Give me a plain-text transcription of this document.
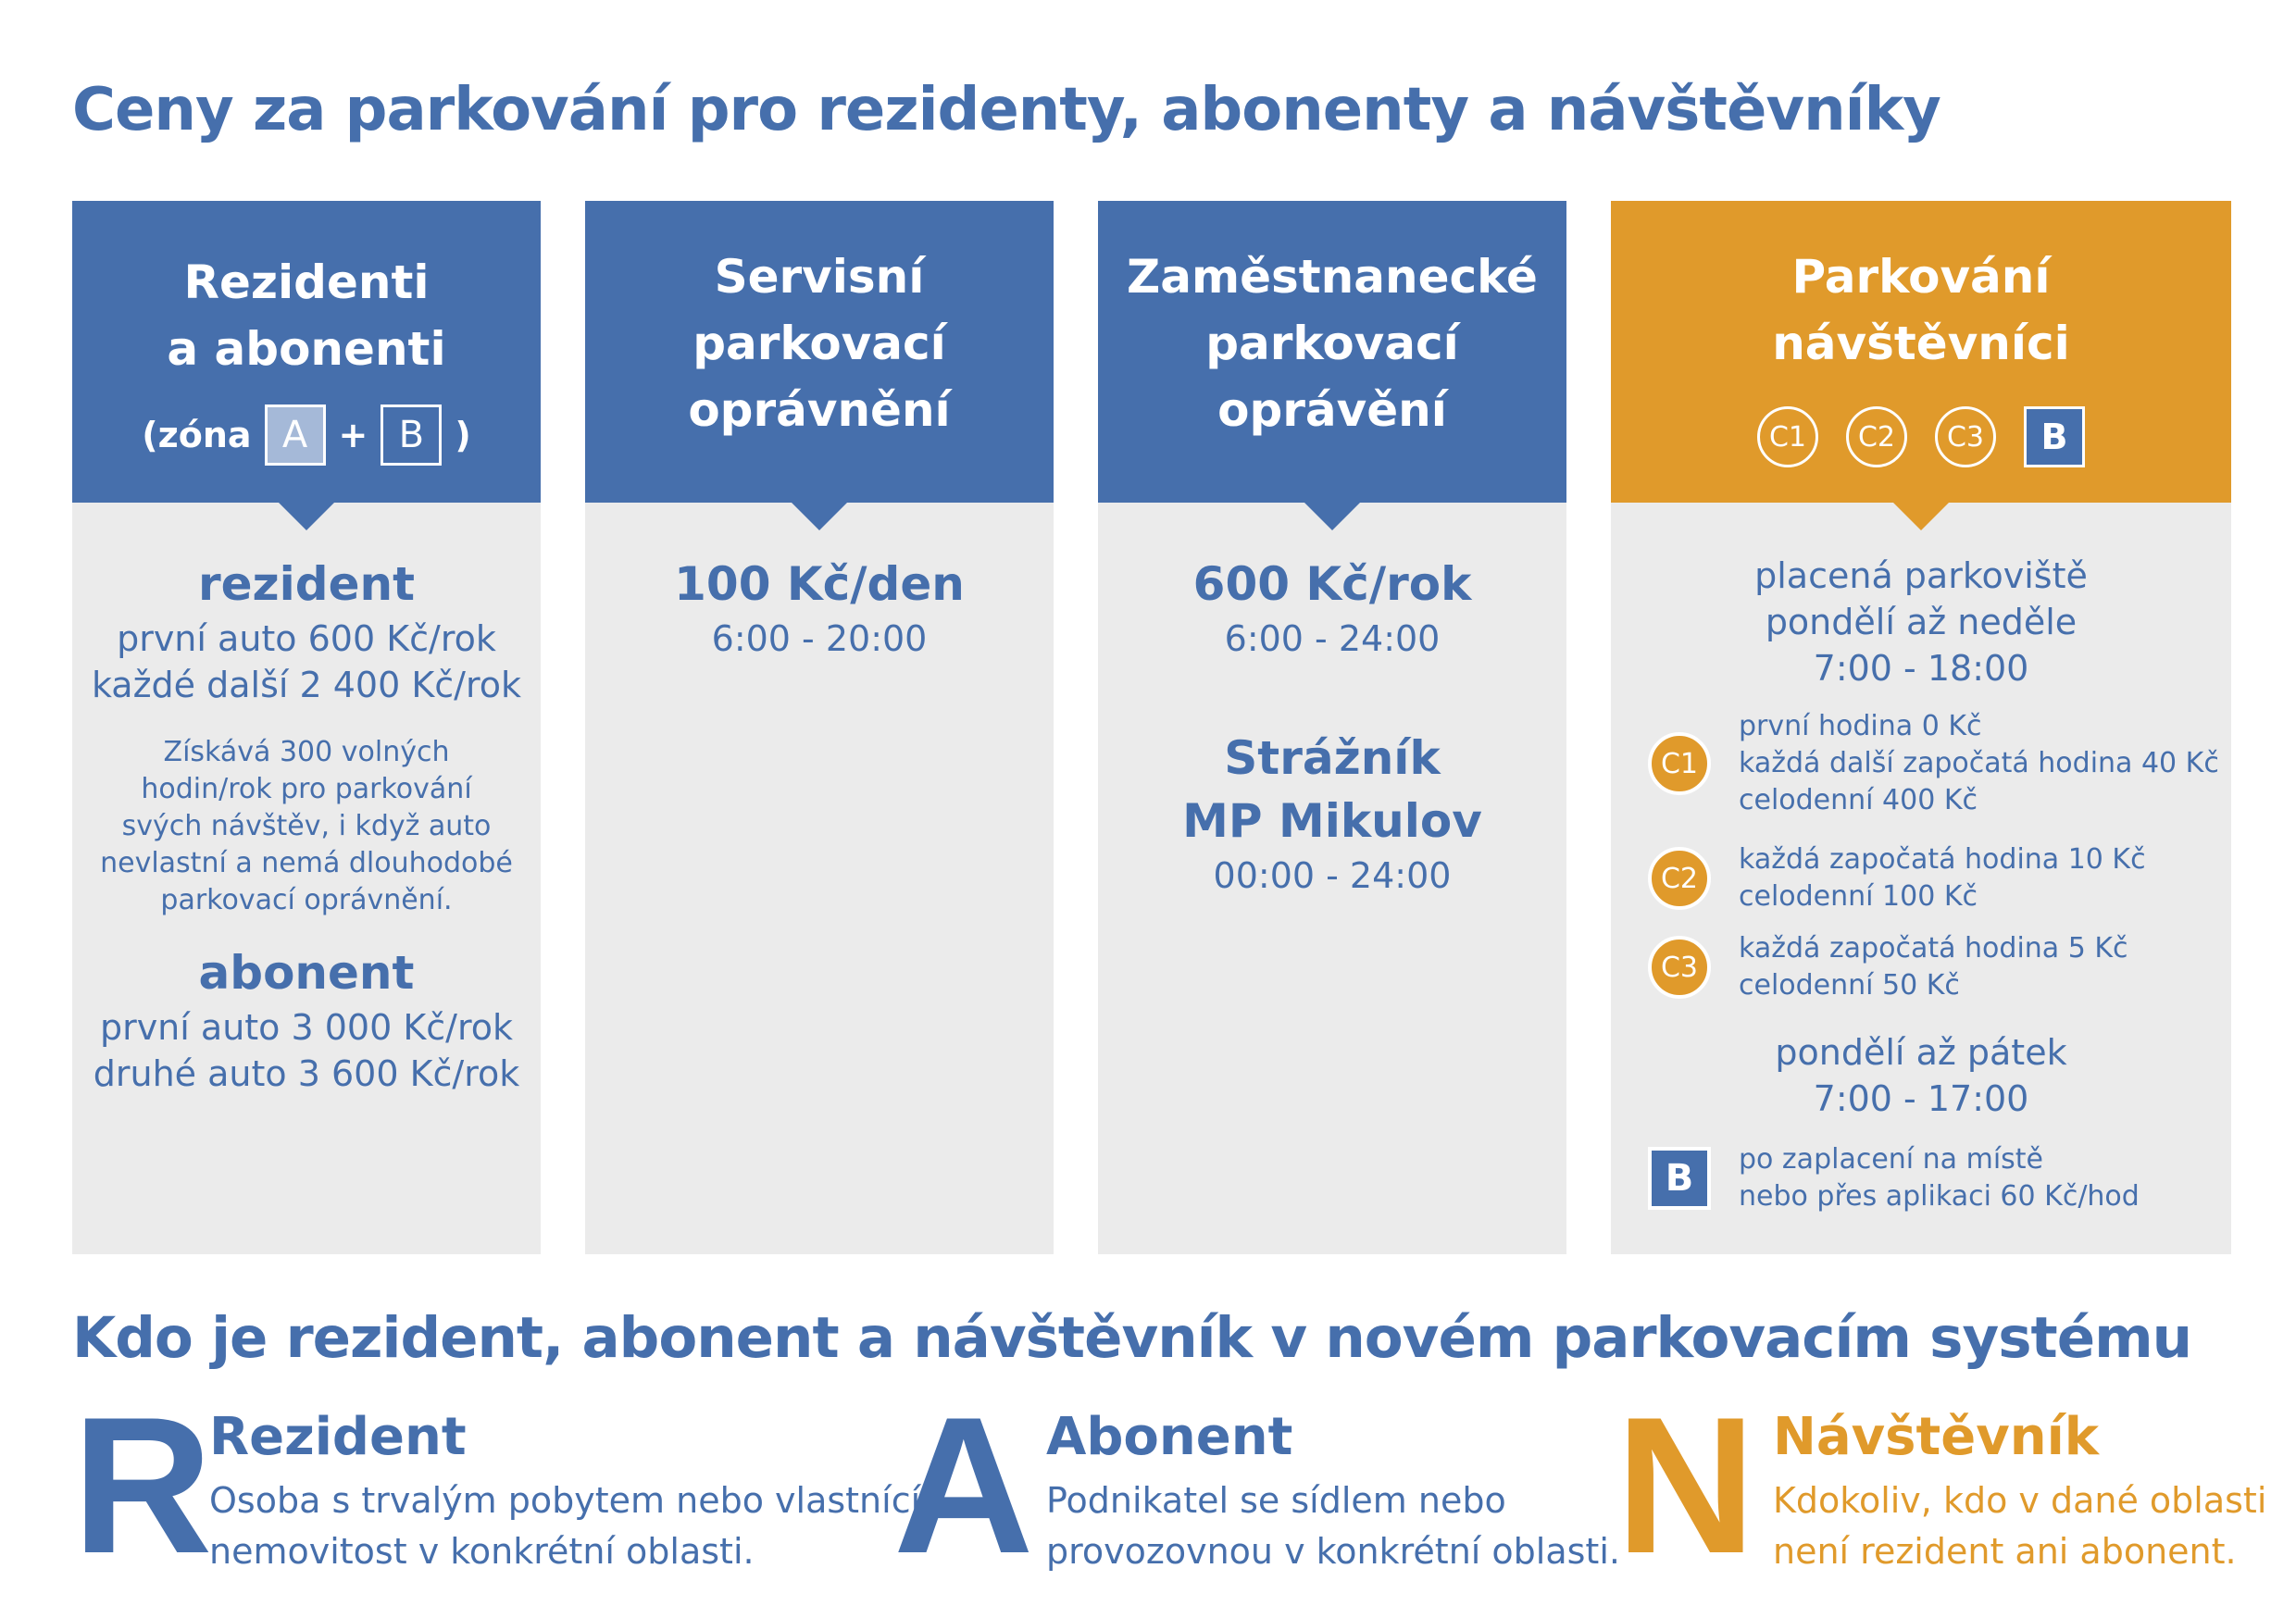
Ceny za parkování pro rezidenty, abonenty a návštěvníky
Rezidenti
a abonenti
(zóna A + B )
rezident
první auto 600 Kč/rok
každé další 2 400 Kč/rok
Získává 300 volných
hodin/rok pro parkování
svých návštěv, i když auto
nevlastní a nemá dlouhodobé
parkovací oprávnění.
abonent
první auto 3 000 Kč/rok
druhé auto 3 600 Kč/rok
Servisní
parkovací
oprávnění
100 Kč/den
6:00 - 20:00
Zaměstnanecké
parkovací
oprávění
600 Kč/rok
6:00 - 24:00
Strážník
MP Mikulov
00:00 - 24:00
Parkování
návštěvníci
C1	C2	C3	B
placená parkoviště
pondělí až neděle
7:00 - 18:00
C1
první hodina 0 Kč
každá další započatá hodina 40 Kč
celodenní 400 Kč
C2
každá započatá hodina 10 Kč
celodenní 100 Kč
C3
každá započatá hodina 5 Kč
celodenní 50 Kč
pondělí až pátek
7:00 - 17:00
B	po zaplacení na místě
nebo přes aplikaci 60 Kč/hod
Kdo je rezident, abonent a návštěvník v novém parkovacím systému
R
Rezident
Osoba s trvalým pobytem nebo vlastnící
nemovitost v konkrétní oblasti. A Abonent
Podnikatel se sídlem nebo
provozovnou v konkrétní oblasti.
N Návštěvník
Kdokoliv, kdo v dané oblasti
není rezident ani abonent.
